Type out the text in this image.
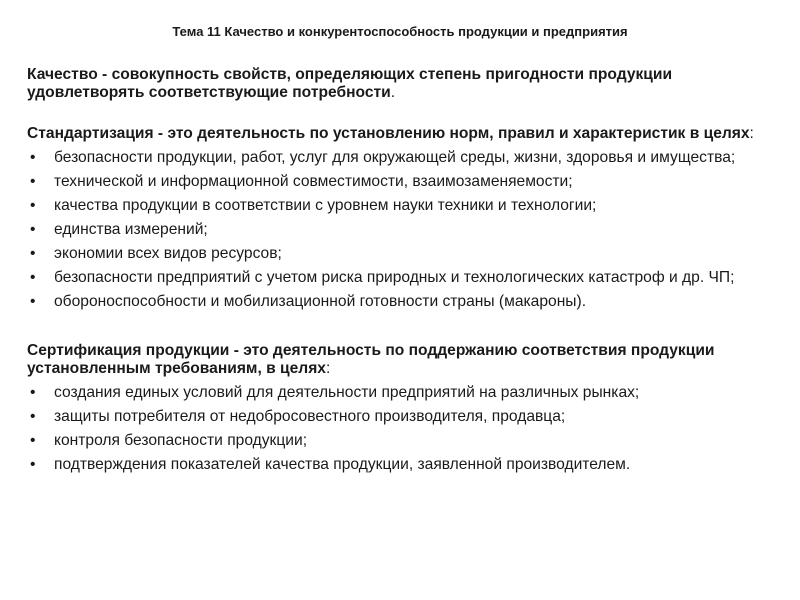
Тема 11 Качество и конкурентоспособность продукции и предприятия

Качество - совокупность свойств, определяющих степень пригодности продукции удовлетворять соответствующие потребности.

Стандартизация - это деятельность по установлению норм, правил и характеристик в целях:

• безопасности продукции, работ, услуг для окружающей среды, жизни, здоровья и имущества;
• технической и информационной совместимости, взаимозаменяемости;
• качества продукции в соответствии с уровнем науки техники и технологии;
• единства измерений;
• экономии всех видов ресурсов;
• безопасности предприятий с учетом риска природных и технологических катастроф и др. ЧП;
• обороноспособности и мобилизационной готовности страны (макароны).

Сертификация продукции - это деятельность по поддержанию соответствия продукции установленным требованиям, в целях:

• создания единых условий для деятельности предприятий на различных рынках;
• защиты потребителя от недобросовестного производителя, продавца;
• контроля безопасности продукции;
• подтверждения показателей качества продукции, заявленной производителем.
